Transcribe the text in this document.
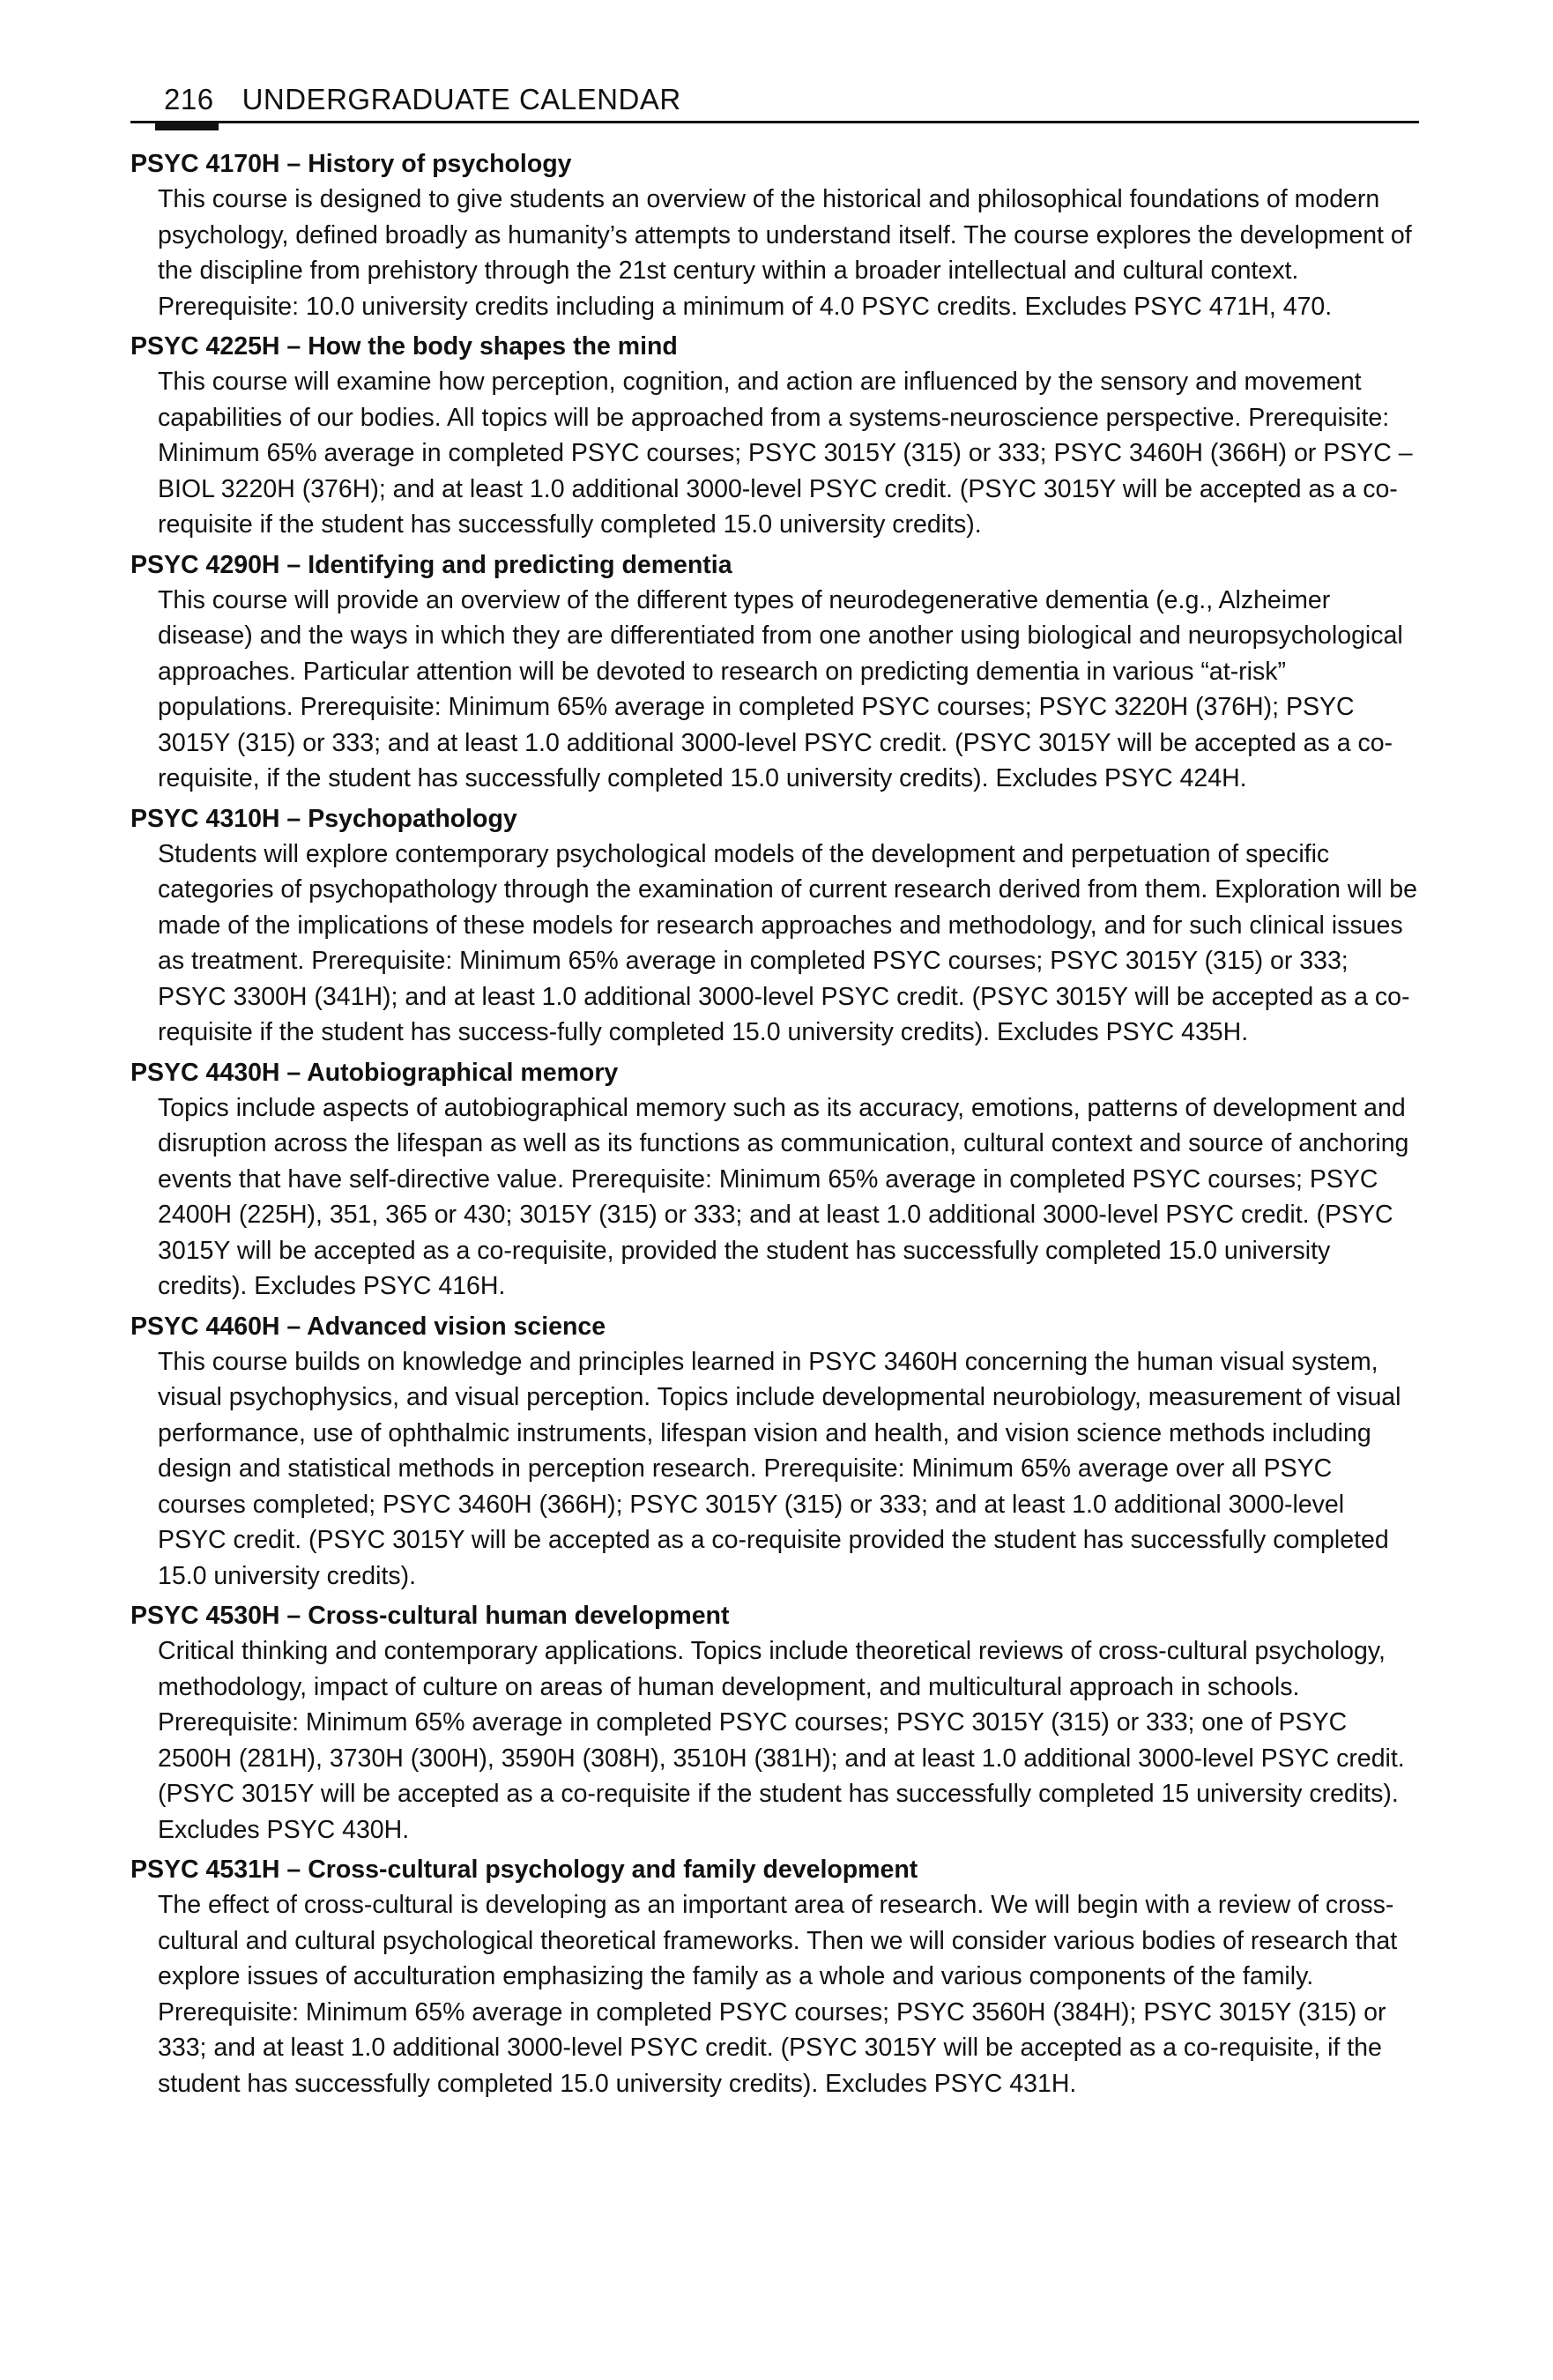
216 UNDERGRADUATE CALENDAR
PSYC 4170H – History of psychology
This course is designed to give students an overview of the historical and philosophical foundations of modern psychology, defined broadly as humanity’s attempts to understand itself. The course explores the development of the discipline from prehistory through the 21st century within a broader intellectual and cultural context. Prerequisite: 10.0 university credits including a minimum of 4.0 PSYC credits. Excludes PSYC 471H, 470.
PSYC 4225H – How the body shapes the mind
This course will examine how perception, cognition, and action are influenced by the sensory and movement capabilities of our bodies. All topics will be approached from a systems-neuroscience perspective. Prerequisite: Minimum 65% average in completed PSYC courses; PSYC 3015Y (315) or 333; PSYC 3460H (366H) or PSYC – BIOL 3220H (376H); and at least 1.0 additional 3000-level PSYC credit. (PSYC 3015Y will be accepted as a co-requisite if the student has successfully completed 15.0 university credits).
PSYC 4290H – Identifying and predicting dementia
This course will provide an overview of the different types of neurodegenerative dementia (e.g., Alzheimer disease) and the ways in which they are differentiated from one another using biological and neuropsychological approaches. Particular attention will be devoted to research on predicting dementia in various “at-risk” populations. Prerequisite: Minimum 65% average in completed PSYC courses; PSYC 3220H (376H); PSYC 3015Y (315) or 333; and at least 1.0 additional 3000-level PSYC credit. (PSYC 3015Y will be accepted as a co-requisite, if the student has successfully completed 15.0 university credits). Excludes PSYC 424H.
PSYC 4310H – Psychopathology
Students will explore contemporary psychological models of the development and perpetuation of specific categories of psychopathology through the examination of current research derived from them. Exploration will be made of the implications of these models for research approaches and methodology, and for such clinical issues as treatment. Prerequisite: Minimum 65% average in completed PSYC courses; PSYC 3015Y (315) or 333; PSYC 3300H (341H); and at least 1.0 additional 3000-level PSYC credit. (PSYC 3015Y will be accepted as a co-requisite if the student has success-fully completed 15.0 university credits). Excludes PSYC 435H.
PSYC 4430H – Autobiographical memory
Topics include aspects of autobiographical memory such as its accuracy, emotions, patterns of development and disruption across the lifespan as well as its functions as communication, cultural context and source of anchoring events that have self-directive value. Prerequisite: Minimum 65% average in completed PSYC courses; PSYC 2400H (225H), 351, 365 or 430; 3015Y (315) or 333; and at least 1.0 additional 3000-level PSYC credit. (PSYC 3015Y will be accepted as a co-requisite, provided the student has successfully completed 15.0 university credits). Excludes PSYC 416H.
PSYC 4460H – Advanced vision science
This course builds on knowledge and principles learned in PSYC 3460H concerning the human visual system, visual psychophysics, and visual perception. Topics include developmental neurobiology, measurement of visual performance, use of ophthalmic instruments, lifespan vision and health, and vision science methods including design and statistical methods in perception research. Prerequisite: Minimum 65% average over all PSYC courses completed; PSYC 3460H (366H); PSYC 3015Y (315) or 333; and at least 1.0 additional 3000-level PSYC credit. (PSYC 3015Y will be accepted as a co-requisite provided the student has successfully completed 15.0 university credits).
PSYC 4530H – Cross-cultural human development
Critical thinking and contemporary applications. Topics include theoretical reviews of cross-cultural psychology, methodology, impact of culture on areas of human development, and multicultural approach in schools. Prerequisite: Minimum 65% average in completed PSYC courses; PSYC 3015Y (315) or 333; one of PSYC 2500H (281H), 3730H (300H), 3590H (308H), 3510H (381H); and at least 1.0 additional 3000-level PSYC credit. (PSYC 3015Y will be accepted as a co-requisite if the student has successfully completed 15 university credits). Excludes PSYC 430H.
PSYC 4531H – Cross-cultural psychology and family development
The effect of cross-cultural is developing as an important area of research. We will begin with a review of cross-cultural and cultural psychological theoretical frameworks. Then we will consider various bodies of research that explore issues of acculturation emphasizing the family as a whole and various components of the family. Prerequisite: Minimum 65% average in completed PSYC courses; PSYC 3560H (384H); PSYC 3015Y (315) or 333; and at least 1.0 additional 3000-level PSYC credit. (PSYC 3015Y will be accepted as a co-requisite, if the student has successfully completed 15.0 university credits). Excludes PSYC 431H.
